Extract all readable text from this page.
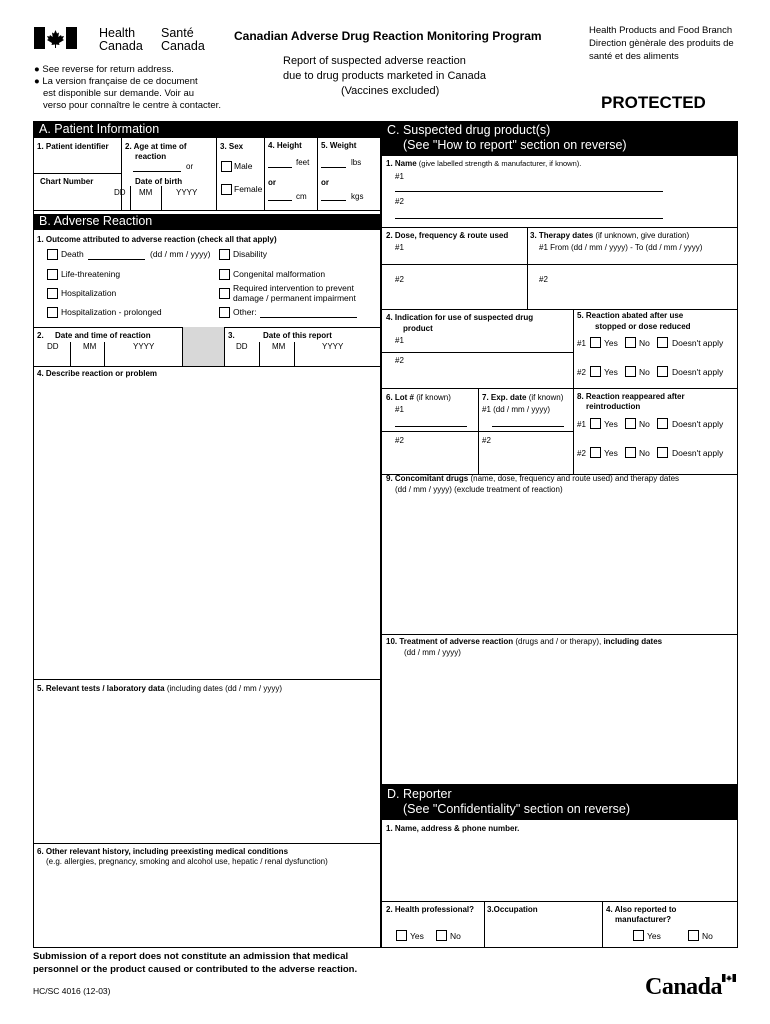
Health
Canada
Santé
Canada
Canadian Adverse Drug Reaction Monitoring Program
Report of suspected adverse reaction
due to drug products marketed in Canada
(Vaccines excluded)
Health Products and Food Branch
Direction gènèrale des produits de
santé et des aliments
● See reverse for return address.
● La version française de ce document
est disponible sur demande. Voir au
verso pour connaître le centre à contacter.	PROTECTED
A. Patient Information
1. Patient identifier
Chart Number
2. Age at time of
reaction
or
Date of birth
DD MM	YYYY
3. Sex
Male
Female
4. Height
feet
or
cm
5. Weight
lbs
or
kgs
B. Adverse Reaction
1. Outcome attributed to adverse reaction (check all that apply)
Death	(dd / mm / yyyy)	Disability
Life-threatening	Congenital malformation
Hospitalization	Required intervention to prevent
damage / permanent impairment
Hospitalization - prolonged	Other:
2. Date and time of reaction
DD	MM	YYYY
3.	Date of this report
DD	MM	YYYY
4. Describe reaction or problem
5. Relevant tests / laboratory data (including dates (dd / mm / yyyy)
6. Other relevant history, including preexisting medical conditions
(e.g. allergies, pregnancy, smoking and alcohol use, hepatic / renal dysfunction)
C. Suspected drug product(s)
(See "How to report" section on reverse)
1. Name (give labelled strength & manufacturer, if known).
#1
#2
2. Dose, frequency & route used
#1
#2
3. Therapy dates (if unknown, give duration)
#1 From (dd / mm / yyyy) - To (dd / mm / yyyy)
#2
4. Indication for use of suspected drug
product
#1
#2
5. Reaction abated after use
stopped or dose reduced
#1 Yes No	Doesn't apply
#2 Yes No	Doesn't apply
6. Lot # (if known)
#1
#2
7. Exp. date (if known)
#1 (dd / mm / yyyy)
#2
8. Reaction reappeared after
reintroduction
#1 Yes No	Doesn't apply
#2 Yes No	Doesn't apply
9. Concomitant drugs (name, dose, frequency and route used) and therapy dates
(dd / mm / yyyy) (exclude treatment of reaction)
10. Treatment of adverse reaction (drugs and / or therapy), including dates
(dd / mm / yyyy)
D. Reporter
(See "Confidentiality" section on reverse)
1. Name, address & phone number.
2. Health professional?
Yes	No
3.Occupation	4. Also reported to
manufacturer?
Yes	No
Submission of a report does not constitute an admission that medical
personnel or the product caused or contributed to the adverse reaction.
HC/SC 4016 (12-03)	Canada
